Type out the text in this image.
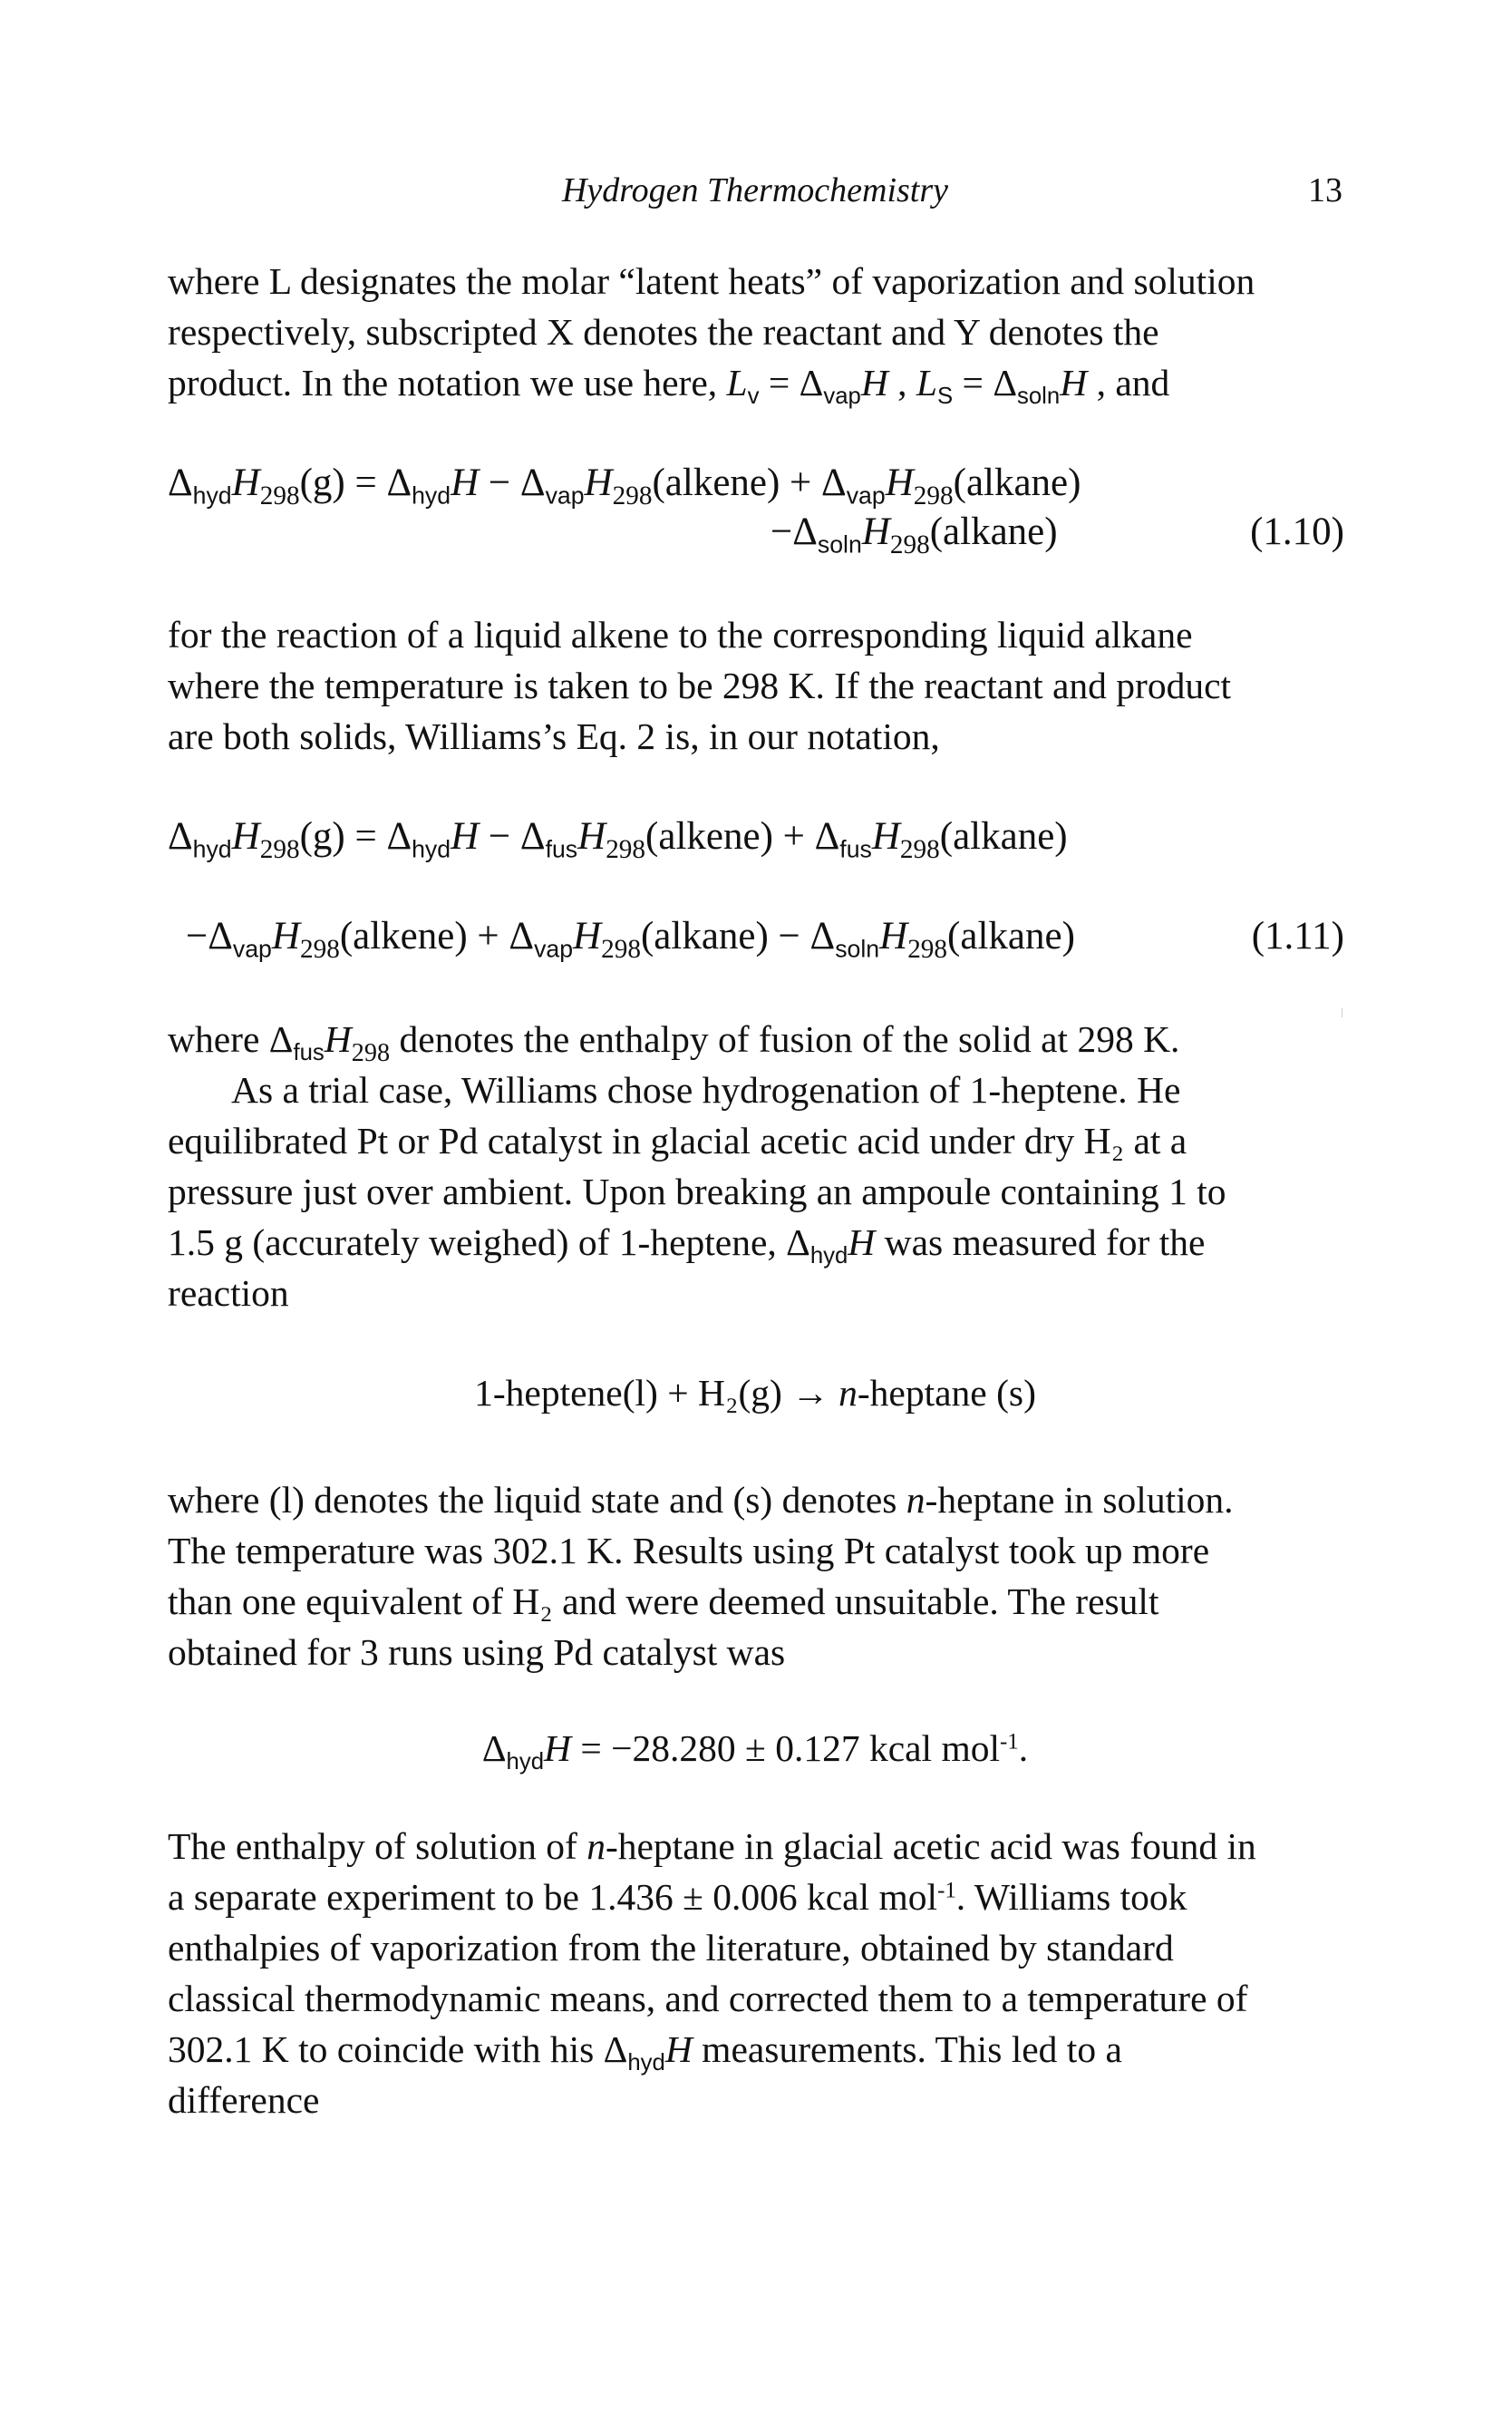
Hydrogen Thermochemistry	13

where L designates the molar “latent heats” of vaporization and solution

respectively, subscripted X denotes the reactant and Y denotes the

product. In the notation we use here, $L_v = \Delta_{vap}H$ , $L_S = \Delta_{soln}H$ , and

$\Delta_{hyd}H_{298}(g) = \Delta_{hyd}H$ − $\Delta_{vap}H_{298}(alkene)$ + $\Delta_{vap}H_{298}(alkane)$
$-\Delta_{soln}H_{298}(alkane)$	(1.10)

for the reaction of a liquid alkene to the corresponding liquid alkane

where the temperature is taken to be 298 K. If the reactant and product

are both solids, Williams’s Eq. 2 is, in our notation,

$\Delta_{hyd}H_{298}(g) = \Delta_{hyd}H$ − $\Delta_{fus}H_{298}(alkene)$ + $\Delta_{fus}H_{298}(alkane)$
$-\Delta_{vap}H_{298}(alkene)$ + $\Delta_{vap}H_{298}(alkane)$ − $\Delta_{soln}H_{298}(alkane)$	(1.11)

where $\Delta_{fus}H_{298}$ denotes the enthalpy of fusion of the solid at 298 K.

As a trial case, Williams chose hydrogenation of 1-heptene. He

equilibrated Pt or Pd catalyst in glacial acetic acid under dry H₂ at a

pressure just over ambient. Upon breaking an ampoule containing 1 to

1.5 g (accurately weighed) of 1-heptene, $\Delta_{hyd}H$ was measured for the

reaction

1-heptene(l) + H₂(g) → n-heptane (s)

where (l) denotes the liquid state and (s) denotes n-heptane in solution.

The temperature was 302.1 K. Results using Pt catalyst took up more

than one equivalent of H₂ and were deemed unsuitable. The result

obtained for 3 runs using Pd catalyst was

$\Delta_{hyd}H = -28.280 \pm 0.127$ kcal mol$^{-1}$.

The enthalpy of solution of n-heptane in glacial acetic acid was found in

a separate experiment to be 1.436 ± 0.006 kcal mol$^{-1}$. Williams took

enthalpies of vaporization from the literature, obtained by standard

classical thermodynamic means, and corrected them to a temperature of

302.1 K to coincide with his $\Delta_{hyd}H$ measurements. This led to a

difference
